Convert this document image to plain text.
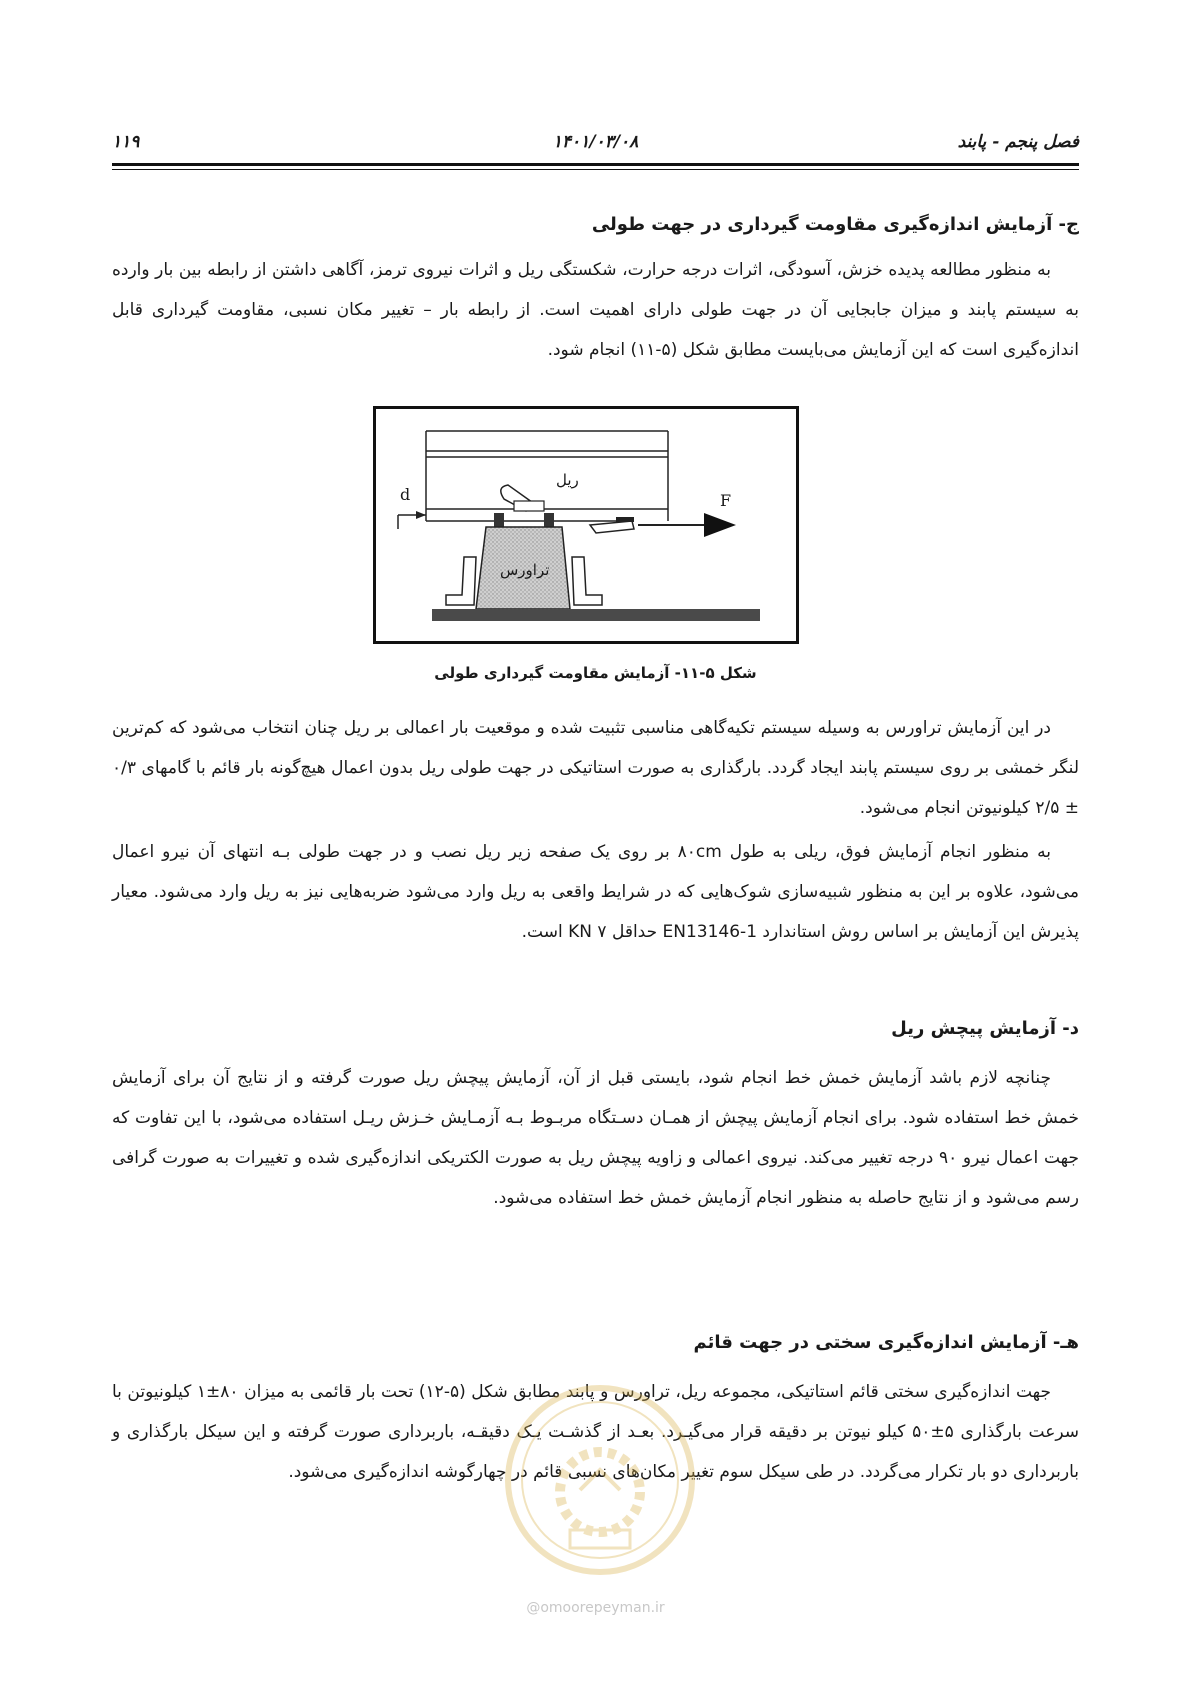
فصل پنجم - پابند
۱۴۰۱/۰۳/۰۸
۱۱۹
ج- آزمایش اندازه‌گیری مقاومت گیرداری در جهت طولی

به منظور مطالعه پدیده خزش، آسودگی، اثرات درجه حرارت، شکستگی ریل و اثرات نیروی ترمز، آگاهی داشتن از رابطه بین بار وارده به سیستم پابند و میزان جابجایی آن در جهت طولی دارای اهمیت است. از رابطه بار – تغییر مکان نسبی، مقاومت گیرداری قابل اندازه‌گیری است که این آزمایش می‌بایست مطابق شکل (۵-۱۱) انجام شود.

ریل
تراورس
d	F
شکل ۵-۱۱- آزمایش مقاومت گیرداری طولی

در این آزمایش تراورس به وسیله سیستم تکیه‌گاهی مناسبی تثبیت شده و موقعیت بار اعمالی بر ریل چنان انتخاب می‌شود که کم‌ترین لنگر خمشی بر روی سیستم پابند ایجاد گردد. بارگذاری به صورت استاتیکی در جهت طولی ریل بدون اعمال هیچ‌گونه بار قائم با گامهای ۰/۳ ± ۲/۵ کیلونیوتن انجام می‌شود.

به منظور انجام آزمایش فوق، ریلی به طول ۸۰cm بر روی یک صفحه زیر ریل نصب و در جهت طولی بـه انتهای آن نیرو اعمال می‌شود، علاوه بر این به منظور شبیه‌سازی شوک‌هایی که در شرایط واقعی به ریل وارد می‌شود ضربه‌هایی نیز به ریل وارد می‌شود. معیار پذیرش این آزمایش بر اساس روش استاندارد EN13146-1 حداقل ۷ KN است.

د- آزمایش پیچش ریل

چنانچه لازم باشد آزمایش خمش خط انجام شود، بایستی قبل از آن، آزمایش پیچش ریل صورت گرفته و از نتایج آن برای آزمایش خمش خط استفاده شود. برای انجام آزمایش پیچش از همـان دسـتگاه مربـوط بـه آزمـایش خـزش ریـل استفاده می‌شود، با این تفاوت که جهت اعمال نیرو ۹۰ درجه تغییر می‌کند. نیروی اعمالی و زاویه پیچش ریل به صورت الکتریکی اندازه‌گیری شده و تغییرات به صورت گرافی رسم می‌شود و از نتایج حاصله به منظور انجام آزمایش خمش خط استفاده می‌شود.

هـ- آزمایش اندازه‌گیری سختی در جهت قائم

جهت اندازه‌گیری سختی قائم استاتیکی، مجموعه ریل، تراورس و پابند مطابق شکل (۵-۱۲) تحت بار قائمی به میزان ۸۰±۱ کیلونیوتن با سرعت بارگذاری ۵±۵۰ کیلو نیوتن بر دقیقه قرار می‌گیـرد. بعـد از گذشـت یـک دقیقـه، باربرداری صورت گرفته و این سیکل بارگذاری و باربرداری دو بار تکرار می‌گردد. در طی سیکل سوم تغییر مکان‌های نسبی قائم در چهارگوشه اندازه‌گیری می‌شود.

@omoorepeyman.ir
